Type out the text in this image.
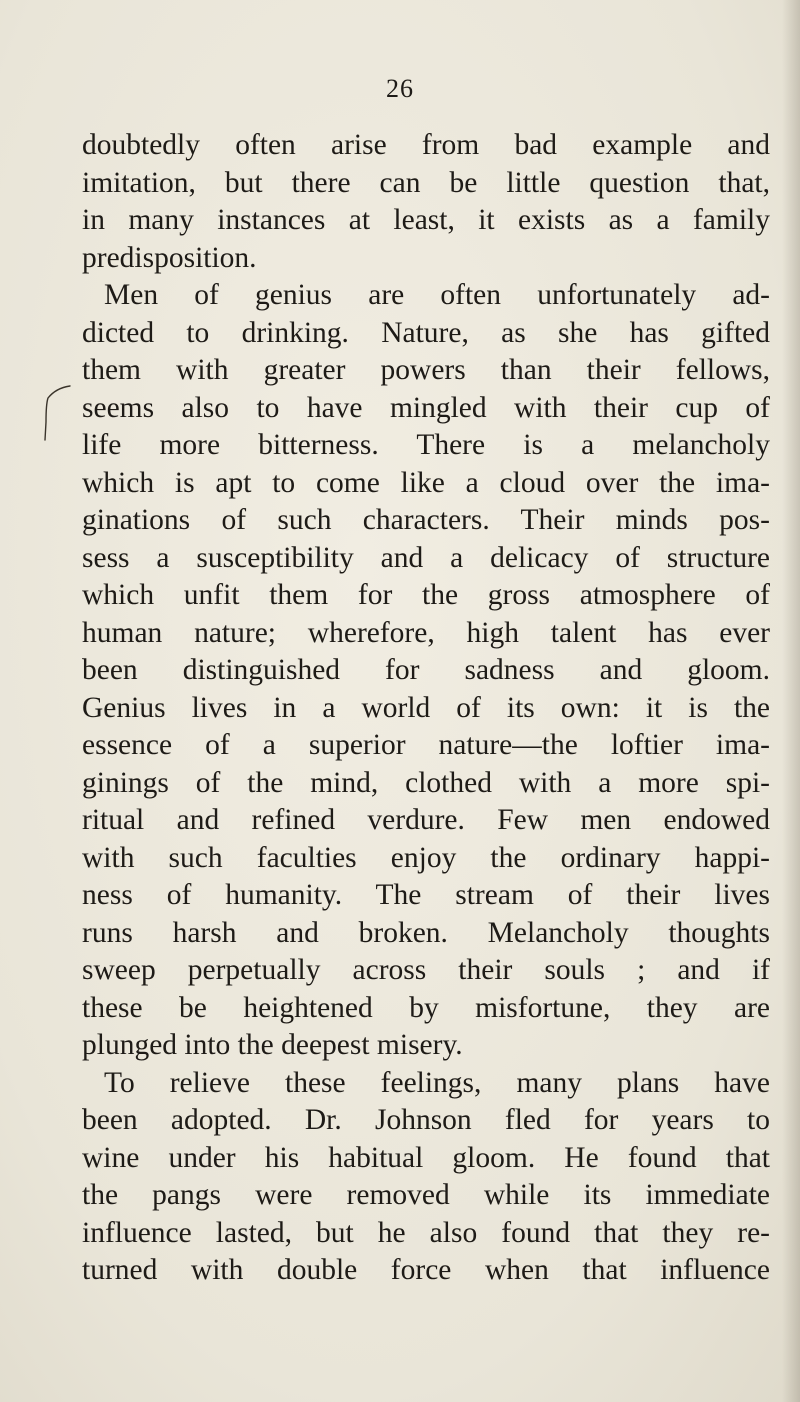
26
doubtedly often arise from bad example and
imitation, but there can be little question that,
in many instances at least, it exists as a family
predisposition.
Men of genius are often unfortunately ad-
dicted to drinking. Nature, as she has gifted
them with greater powers than their fellows,
seems also to have mingled with their cup of
life more bitterness. There is a melancholy
which is apt to come like a cloud over the ima-
ginations of such characters. Their minds pos-
sess a susceptibility and a delicacy of structure
which unfit them for the gross atmosphere of
human nature; wherefore, high talent has ever
been distinguished for sadness and gloom.
Genius lives in a world of its own: it is the
essence of a superior nature—the loftier ima-
ginings of the mind, clothed with a more spi-
ritual and refined verdure. Few men endowed
with such faculties enjoy the ordinary happi-
ness of humanity. The stream of their lives
runs harsh and broken. Melancholy thoughts
sweep perpetually across their souls ; and if
these be heightened by misfortune, they are
plunged into the deepest misery.
To relieve these feelings, many plans have
been adopted. Dr. Johnson fled for years to
wine under his habitual gloom. He found that
the pangs were removed while its immediate
influence lasted, but he also found that they re-
turned with double force when that influence
